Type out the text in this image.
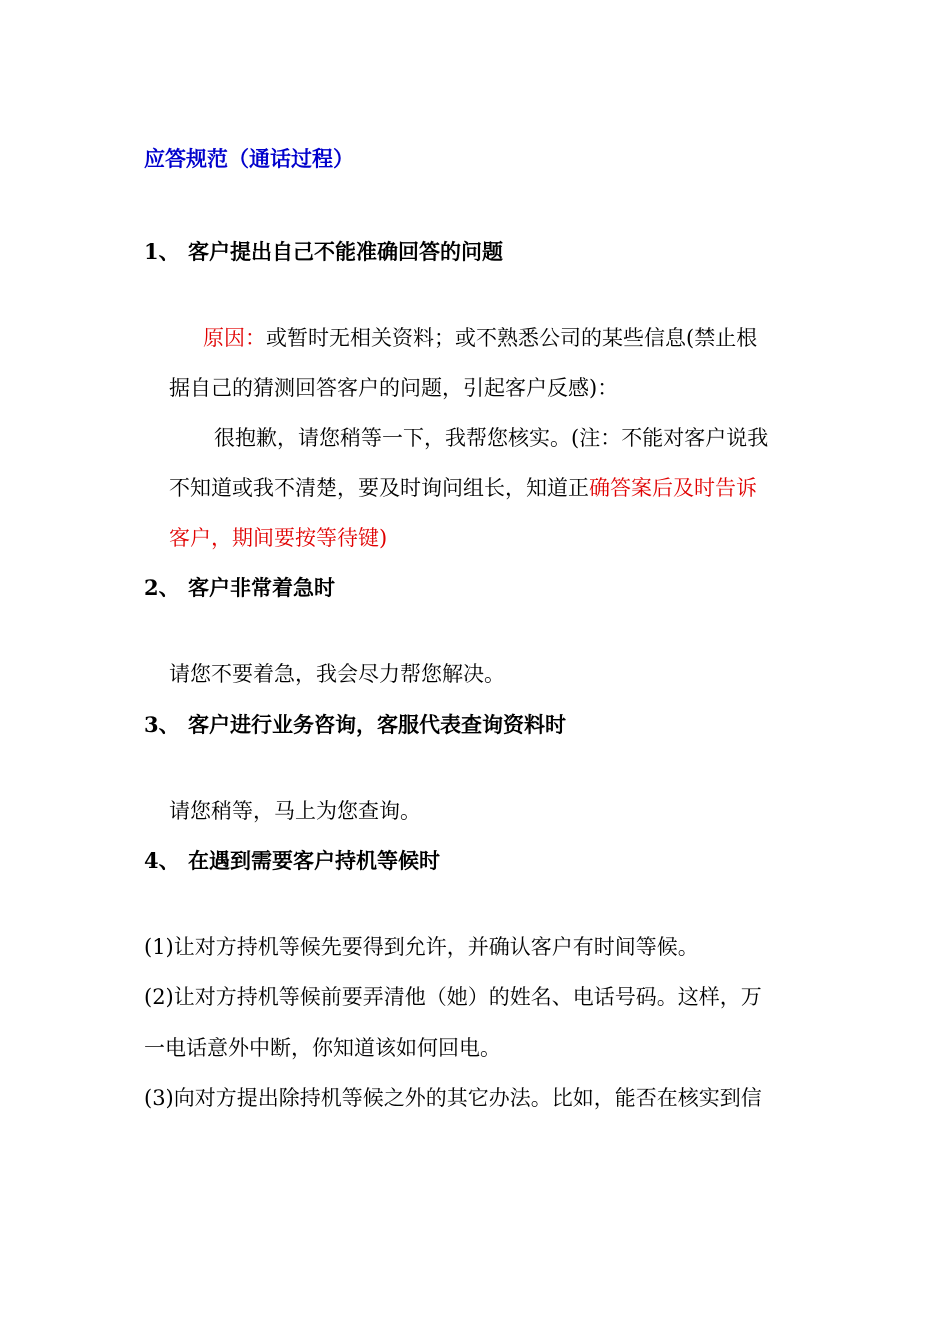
应答规范（通话过程）

1、 客户提出自己不能准确回答的问题

原因：或暂时无相关资料；或不熟悉公司的某些信息(禁止根

据自己的猜测回答客户的问题，引起客户反感)：

很抱歉，请您稍等一下，我帮您核实。(注：不能对客户说我

不知道或我不清楚，要及时询问组长，知道正确答案后及时告诉

客户，期间要按等待键)

2、 客户非常着急时

请您不要着急，我会尽力帮您解决。

3、 客户进行业务咨询，客服代表查询资料时

请您稍等，马上为您查询。

4、 在遇到需要客户持机等候时

(1)让对方持机等候先要得到允许，并确认客户有时间等候。

(2)让对方持机等候前要弄清他（她）的姓名、电话号码。这样，万

一电话意外中断，你知道该如何回电。

(3)向对方提出除持机等候之外的其它办法。比如，能否在核实到信
